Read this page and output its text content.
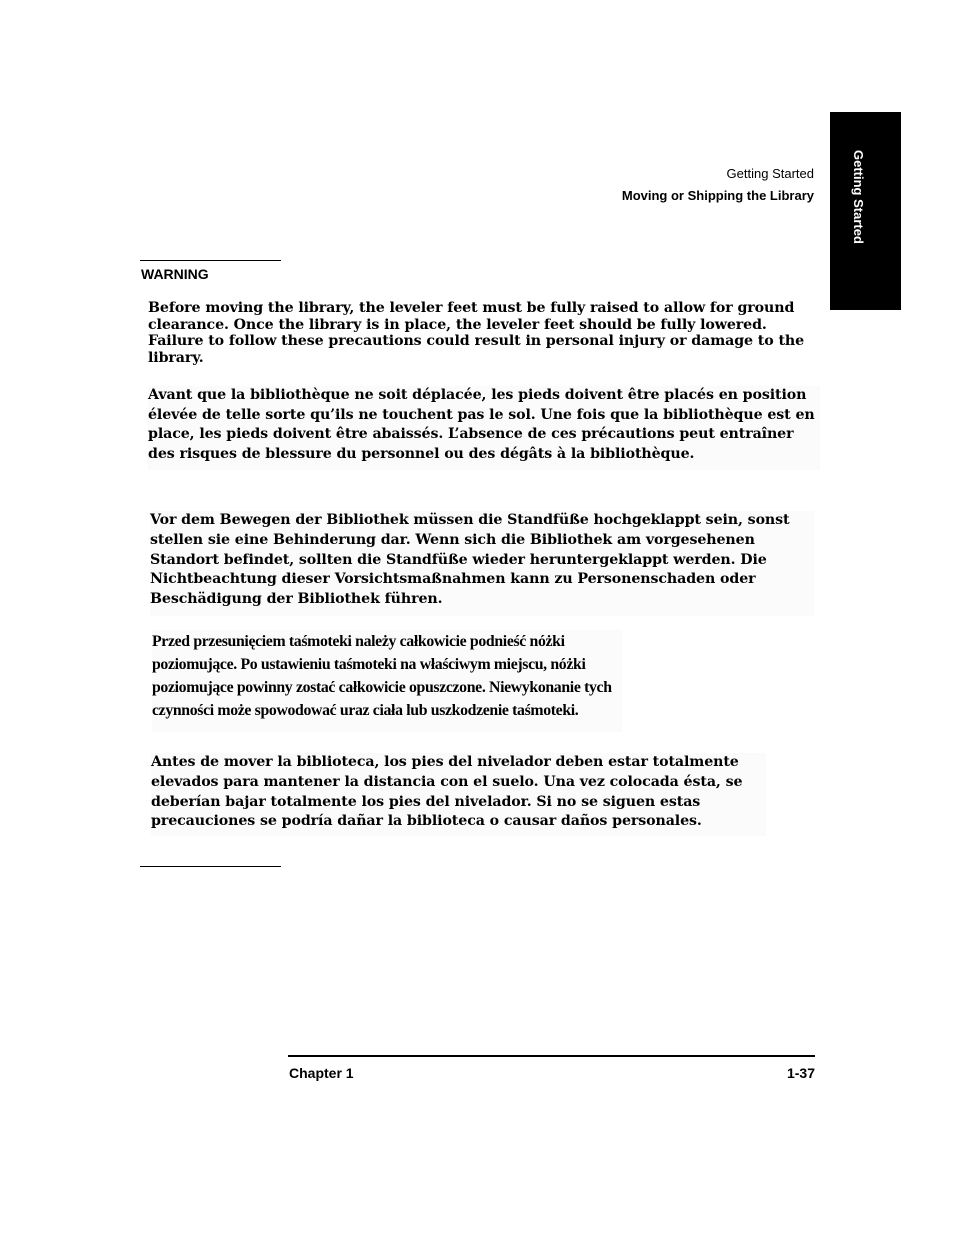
Getting Started
Getting Started
Moving or Shipping the Library
WARNING

Before moving the library, the leveler feet must be fully raised to allow for ground clearance. Once the library is in place, the leveler feet should be fully lowered. Failure to follow these precautions could result in personal injury or damage to the library.

Avant que la bibliothèque ne soit déplacée, les pieds doivent être placés en position élevée de telle sorte qu’ils ne touchent pas le sol. Une fois que la bibliothèque est en place, les pieds doivent être abaissés. L’absence de ces précautions peut entraîner des risques de blessure du personnel ou des dégâts à la bibliothèque.

Vor dem Bewegen der Bibliothek müssen die Standfüße hochgeklappt sein, sonst stellen sie eine Behinderung dar. Wenn sich die Bibliothek am vorgesehenen Standort befindet, sollten die Standfüße wieder heruntergeklappt werden. Die Nichtbeachtung dieser Vorsichtsmaßnahmen kann zu Personenschaden oder Beschädigung der Bibliothek führen.

Przed przesunięciem taśmoteki należy całkowicie podnieść nóżki poziomujące. Po ustawieniu taśmoteki na właściwym miejscu, nóżki poziomujące powinny zostać całkowicie opuszczone. Niewykonanie tych czynności może spowodować uraz ciała lub uszkodzenie taśmoteki.

Antes de mover la biblioteca, los pies del nivelador deben estar totalmente elevados para mantener la distancia con el suelo. Una vez colocada ésta, se deberían bajar totalmente los pies del nivelador. Si no se siguen estas precauciones se podría dañar la biblioteca o causar daños personales.

Chapter 1	1-37
